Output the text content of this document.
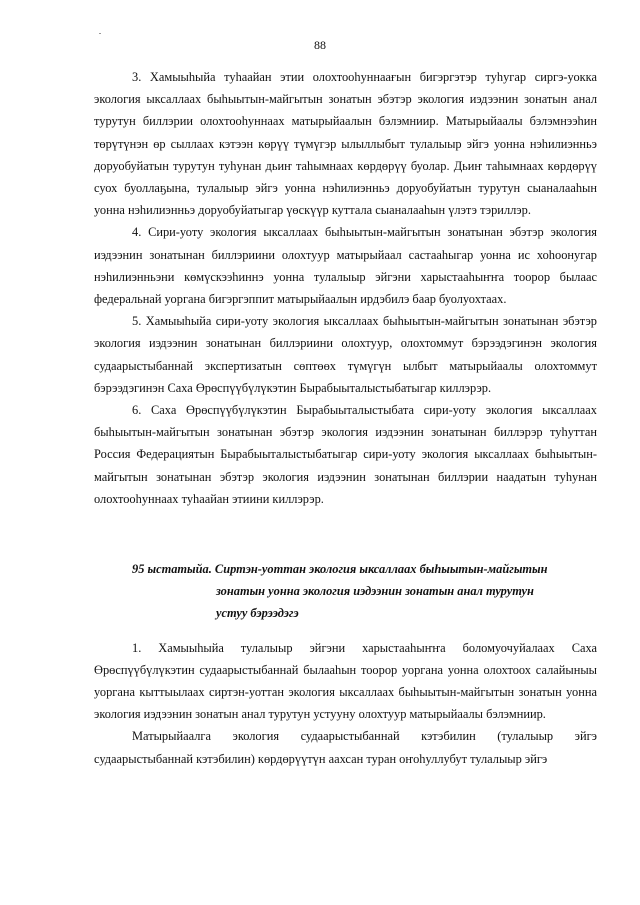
88

3. Хамыыһыйа туһаайан этии олохтооһуннаағын бигэргэтэр туһугар сиргэ-уокка экология ыксаллаах быһыытын-майгытын зонатын эбэтэр экология иэдээнин зонатын анал турутун биллэрии олохтооһуннаах матырыйаалын бэлэмниир. Матырыйаалы бэлэмнээһин төрүтүнэн өр сыллаах кэтээн көрүү түмүгэр ылыллыбыт тулалыыр эйгэ уонна нэһилиэнньэ доруобуйатын турутун туһунан дьиҥ таһымнаах көрдөрүү буолар. Дьиҥ таһымнаах көрдөрүү суох буоллаҕына, тулалыыр эйгэ уонна нэһилиэнньэ доруобуйатын турутун сыаналааһын уонна нэһилиэнньэ доруобуйатыгар үөскүүр куттала сыаналааһын үлэтэ тэриллэр.

4. Сири-уоту экология ыксаллаах быһыытын-майгытын зонатынан эбэтэр экология иэдээнин зонатынан биллэриини олохтуур матырыйаал састааһыгар уонна ис хоһоонугар нэһилиэнньэни көмүскээһиннэ уонна тулалыыр эйгэни харыстааһыҥҥа тоорор былаас федеральнай уоргана бигэргэппит матырыйаалын ирдэбилэ баар буолуохтаах.

5. Хамыыһыйа сири-уоту экология ыксаллаах быһыытын-майгытын зонатынан эбэтэр экология иэдээнин зонатынан биллэриини олохтуур, олохтоммут бэрээдэгинэн экология судаарыстыбаннай экспертизатын сөптөөх түмүгүн ылбыт матырыйаалы олохтоммут бэрээдэгинэн Саха Өрөспүүбүлүкэтин Бырабыыталыстыбатыгар киллэрэр.

6. Саха Өрөспүүбүлүкэтин Бырабыыталыстыбата сири-уоту экология ыксаллаах быһыытын-майгытын зонатынан эбэтэр экология иэдээнин зонатынан биллэрэр туһуттан Россия Федерациятын Бырабыыталыстыбатыгар сири-уоту экология ыксаллаах быһыытын-майгытын зонатынан эбэтэр экология иэдээнин зонатынан биллэрии наадатын туһунан олохтооһуннаах туһаайан этиини киллэрэр.

95 ыстатыйа. Сиртэн-уоттан экология ыксаллаах быһыытын-майгытын
зонатын уонна экология иэдээнин зонатын анал турутун
устуу бэрээдэгэ

1. Хамыыһыйа тулалыыр эйгэни харыстааһыҥҥа боломуочуйалаах Саха Өрөспүүбүлүкэтин судаарыстыбаннай былааһын тоорор уоргана уонна олохтоох салайыныы уоргана кыттыылаах сиртэн-уоттан экология ыксаллаах быһыытын-майгытын зонатын уонна экология иэдээнин зонатын анал турутун устууну олохтуур матырыйаалы бэлэмниир.

Матырыйаалга экология судаарыстыбаннай кэтэбилин (тулалыыр эйгэ судаарыстыбаннай кэтэбилин) көрдөрүүтүн аахсан туран оҥоһуллубут тулалыыр эйгэ
